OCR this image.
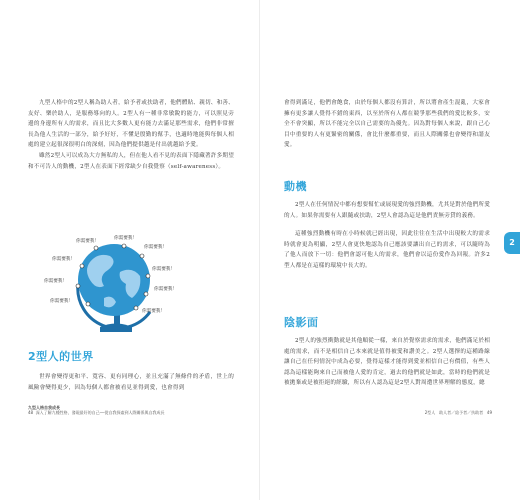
九型人格中的2型人稱為助人者，給予者或扶助者，他們體貼、親切、和善、友好、樂於助人，是服務導向的人。2型人有一種非常敏銳的能力，可以照見旁邊的身邊所有人的需求，而且比大多數人更有能力去滿足那些需求，他們非常擅長為他人生活的一部分，給予好好，不懂是殷勤的幫手，也適時地能與每個人相處的建立起很深很明白的深刻，因為他們提供越是付出就越給予愛。

雖然2型人可以成為大方無私的人，但在他人看不見的表面下隱藏著許多期望和不可告人的動機，2型人在表面下經常缺少自我覺察（self-awareness）。

你需要我！
你需要我！
你需要我！
你需要我！
你需要我！
你需要我！
你需要我！
你需要我！
你需要我！
2型人的世界

世界會變得更和平、寬容、更有同理心，並且充滿了無條件的矛盾，世上的風險會變得更少，因為每個人都會被看見並得到愛，也會得到

九型人格自我成長
48 深入了解九種性格，發現最好的自己──從自我探索到人際關係與自我成長

會得到滿足，他們會飽食，由於每個人都沒有算計，所以將會產生混亂，大家會擁有更多讓人覺得不錯的東西，以至於所有人都在競爭那些我們的愛比較多，安全不會突顯，所以不能完全以自己需要的為優先。因為對每個人來說，跟自己心目中重要的人有更緊密的關係，會比什麼都重要，而且人際關係也會變得和諧友愛。

動機

2型人在任何情況中都有想要幫忙或展現愛的強烈動機，尤其是對於他們所愛的人。如果你需要有人跟隨或扶助，2型人會認為這是他們責無旁貸的義務。

這種強烈動機有時在小時候就已經出現，因此往往在生活中出現較大的需求時就會更為明顯，2型人會更快地認為自己應該要讓出自己的需求，可以隨時為了他人而放下一切：他們會認可他人的需求，他們會以這份愛作為回報。許多2型人都是在這樣的環境中長大的。

陰影面

2型人的強烈衝動就是其他順從一樣，來自於覺察需求的需求，他們滿足於相處的需求，而不是相信自己本來就是值得被愛和讚美之。2型人選擇的這種路線讓自己在任何情況中成為必要，覺得這樣才能得到愛並相信自己有價值，有些人認為這樣能夠來自己而被他人愛的肯定，過去的他們就是如此，當時的他們就是被拋棄或是被拒絕的經驗，所以有人認為這是2型人對周遭世界理解的態度，總

2
2型人 助人者／給予者／扶助者 49
